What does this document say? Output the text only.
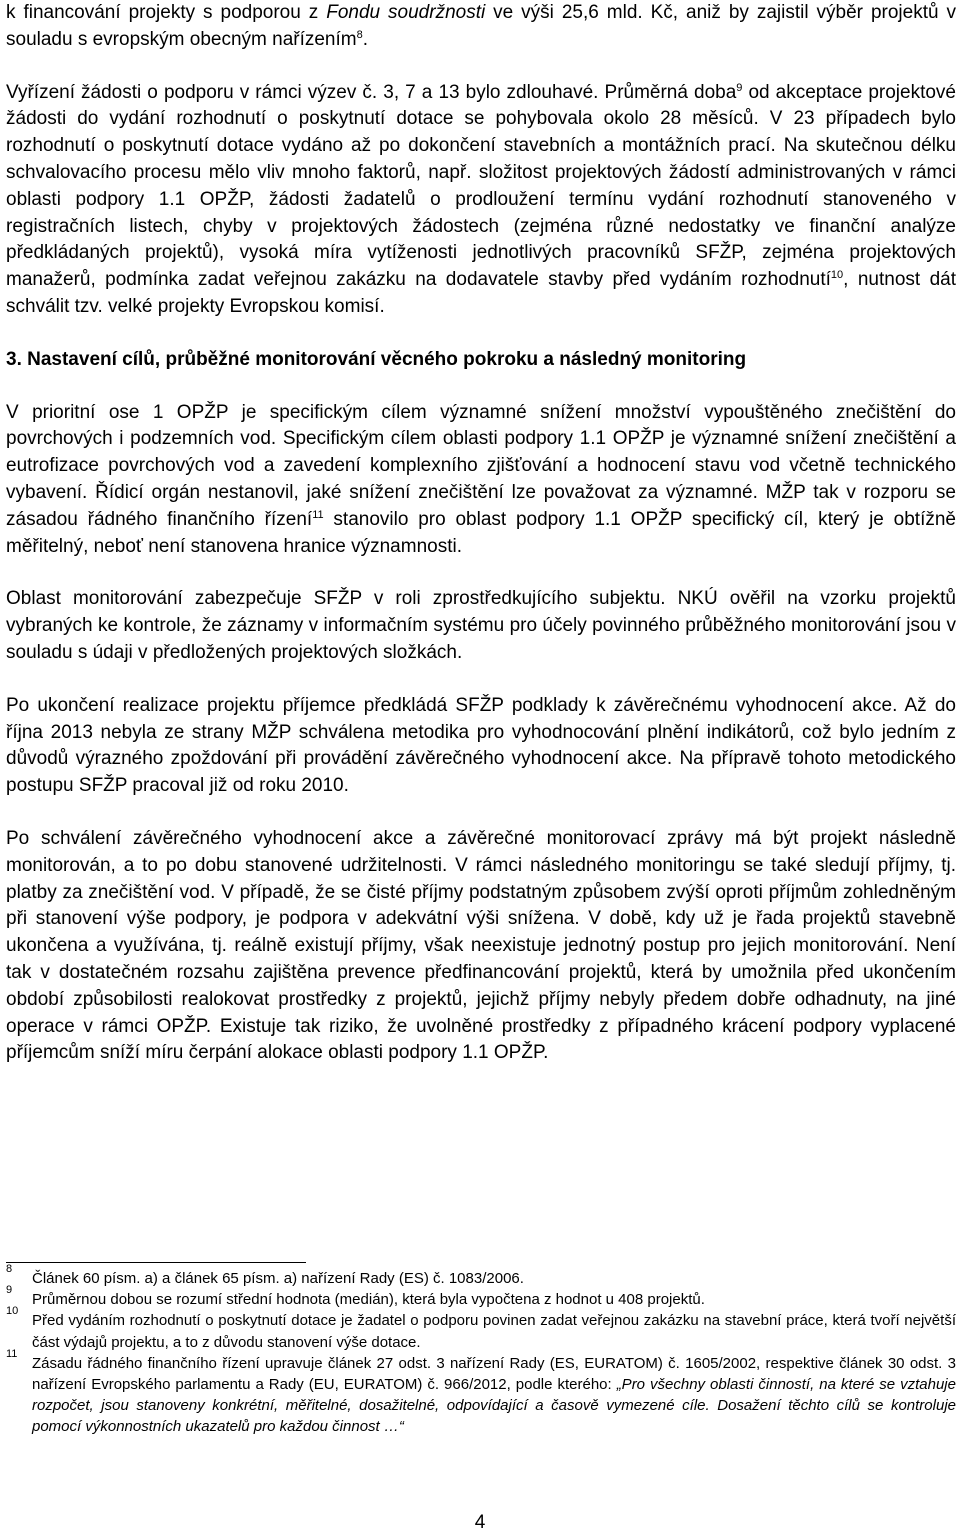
k financování projekty s podporou z Fondu soudržnosti ve výši 25,6 mld. Kč, aniž by zajistil výběr projektů v souladu s evropským obecným nařízením$^8$.

Vyřízení žádosti o podporu v rámci výzev č. 3, 7 a 13 bylo zdlouhavé. Průměrná doba$^9$ od akceptace projektové žádosti do vydání rozhodnutí o poskytnutí dotace se pohybovala okolo 28 měsíců. V 23 případech bylo rozhodnutí o poskytnutí dotace vydáno až po dokončení stavebních a montážních prací. Na skutečnou délku schvalovacího procesu mělo vliv mnoho faktorů, např. složitost projektových žádostí administrovaných v rámci oblasti podpory 1.1 OPŽP, žádosti žadatelů o prodloužení termínu vydání rozhodnutí stanoveného v registračních listech, chyby v projektových žádostech (zejména různé nedostatky ve finanční analýze předkládaných projektů), vysoká míra vytíženosti jednotlivých pracovníků SFŽP, zejména projektových manažerů, podmínka zadat veřejnou zakázku na dodavatele stavby před vydáním rozhodnutí$^{10}$, nutnost dát schválit tzv. velké projekty Evropskou komisí.

3. Nastavení cílů, průběžné monitorování věcného pokroku a následný monitoring

V prioritní ose 1 OPŽP je specifickým cílem významné snížení množství vypouštěného znečištění do povrchových i podzemních vod. Specifickým cílem oblasti podpory 1.1 OPŽP je významné snížení znečištění a eutrofizace povrchových vod a zavedení komplexního zjišťování a hodnocení stavu vod včetně technického vybavení. Řídicí orgán nestanovil, jaké snížení znečištění lze považovat za významné. MŽP tak v rozporu se zásadou řádného finančního řízení$^{11}$ stanovilo pro oblast podpory 1.1 OPŽP specifický cíl, který je obtížně měřitelný, neboť není stanovena hranice významnosti.

Oblast monitorování zabezpečuje SFŽP v roli zprostředkujícího subjektu. NKÚ ověřil na vzorku projektů vybraných ke kontrole, že záznamy v informačním systému pro účely povinného průběžného monitorování jsou v souladu s údaji v předložených projektových složkách.

Po ukončení realizace projektu příjemce předkládá SFŽP podklady k závěrečnému vyhodnocení akce. Až do října 2013 nebyla ze strany MŽP schválena metodika pro vyhodnocování plnění indikátorů, což bylo jedním z důvodů výrazného zpoždování při provádění závěrečného vyhodnocení akce. Na přípravě tohoto metodického postupu SFŽP pracoval již od roku 2010.

Po schválení závěrečného vyhodnocení akce a závěrečné monitorovací zprávy má být projekt následně monitorován, a to po dobu stanovené udržitelnosti. V rámci následného monitoringu se také sledují příjmy, tj. platby za znečištění vod. V případě, že se čisté příjmy podstatným způsobem zvýší oproti příjmům zohledněným při stanovení výše podpory, je podpora v adekvátní výši snížena. V době, kdy už je řada projektů stavebně ukončena a využívána, tj. reálně existují příjmy, však neexistuje jednotný postup pro jejich monitorování. Není tak v dostatečném rozsahu zajištěna prevence předfinancování projektů, která by umožnila před ukončením období způsobilosti realokovat prostředky z projektů, jejichž příjmy nebyly předem dobře odhadnuty, na jiné operace v rámci OPŽP. Existuje tak riziko, že uvolněné prostředky z případného krácení podpory vyplacené příjemcům sníží míru čerpání alokace oblasti podpory 1.1 OPŽP.

8
Článek 60 písm. a) a článek 65 písm. a) nařízení Rady (ES) č. 1083/2006.
9
Průměrnou dobou se rozumí střední hodnota (medián), která byla vypočtena z hodnot u 408 projektů.
10
Před vydáním rozhodnutí o poskytnutí dotace je žadatel o podporu povinen zadat veřejnou zakázku na stavební práce, která tvoří největší část výdajů projektu, a to z důvodu stanovení výše dotace.
11
Zásadu řádného finančního řízení upravuje článek 27 odst. 3 nařízení Rady (ES, EURATOM) č. 1605/2002, respektive článek 30 odst. 3 nařízení Evropského parlamentu a Rady (EU, EURATOM) č. 966/2012, podle kterého: „Pro všechny oblasti činností, na které se vztahuje rozpočet, jsou stanoveny konkrétní, měřitelné, dosažitelné, odpovídající a časově vymezené cíle. Dosažení těchto cílů se kontroluje pomocí výkonnostních ukazatelů pro každou činnost …“
4
